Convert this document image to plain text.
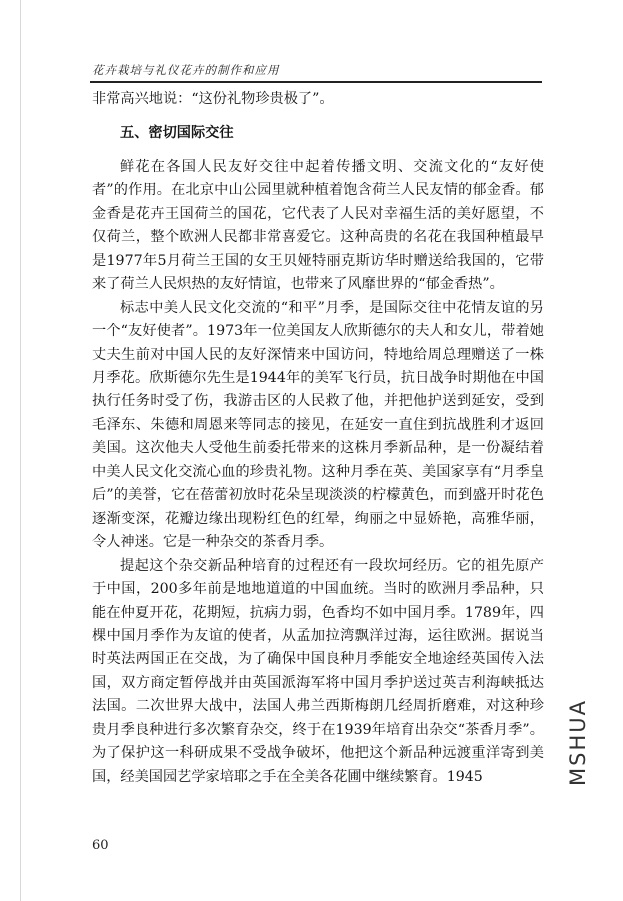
花卉栽培与礼仪花卉的制作和应用

非常高兴地说：“这份礼物珍贵极了”。

五、密切国际交往

鲜花在各国人民友好交往中起着传播文明、交流文化的“友好使者”的作用。在北京中山公园里就种植着饱含荷兰人民友情的郁金香。郁金香是花卉王国荷兰的国花，它代表了人民对幸福生活的美好愿望，不仅荷兰，整个欧洲人民都非常喜爱它。这种高贵的名花在我国种植最早是1977年5月荷兰王国的女王贝娅特丽克斯访华时赠送给我国的，它带来了荷兰人民炽热的友好情谊，也带来了风靡世界的“郁金香热”。

标志中美人民文化交流的“和平”月季，是国际交往中花情友谊的另一个“友好使者”。1973年一位美国友人欣斯德尔的夫人和女儿，带着她丈夫生前对中国人民的友好深情来中国访问，特地给周总理赠送了一株月季花。欣斯德尔先生是1944年的美军飞行员，抗日战争时期他在中国执行任务时受了伤，我游击区的人民救了他，并把他护送到延安，受到毛泽东、朱德和周恩来等同志的接见，在延安一直住到抗战胜利才返回美国。这次他夫人受他生前委托带来的这株月季新品种，是一份凝结着中美人民文化交流心血的珍贵礼物。这种月季在英、美国家享有“月季皇后”的美誉，它在蓓蕾初放时花朵呈现淡淡的柠檬黄色，而到盛开时花色逐渐变深，花瓣边缘出现粉红色的红晕，绚丽之中显娇艳，高雅华丽，令人神迷。它是一种杂交的茶香月季。

提起这个杂交新品种培育的过程还有一段坎坷经历。它的祖先原产于中国，200多年前是地地道道的中国血统。当时的欧洲月季品种，只能在仲夏开花，花期短，抗病力弱，色香均不如中国月季。1789年，四棵中国月季作为友谊的使者，从孟加拉湾飘洋过海，运往欧洲。据说当时英法两国正在交战，为了确保中国良种月季能安全地途经英国传入法国，双方商定暂停战并由英国派海军将中国月季护送过英吉利海峡抵达法国。二次世界大战中，法国人弗兰西斯梅朗几经周折磨难，对这种珍贵月季良种进行多次繁育杂交，终于在1939年培育出杂交“茶香月季”。为了保护这一科研成果不受战争破坏，他把这个新品种远渡重洋寄到美国，经美国园艺学家培耶之手在全美各花圃中继续繁育。1945

60
MSHUA
